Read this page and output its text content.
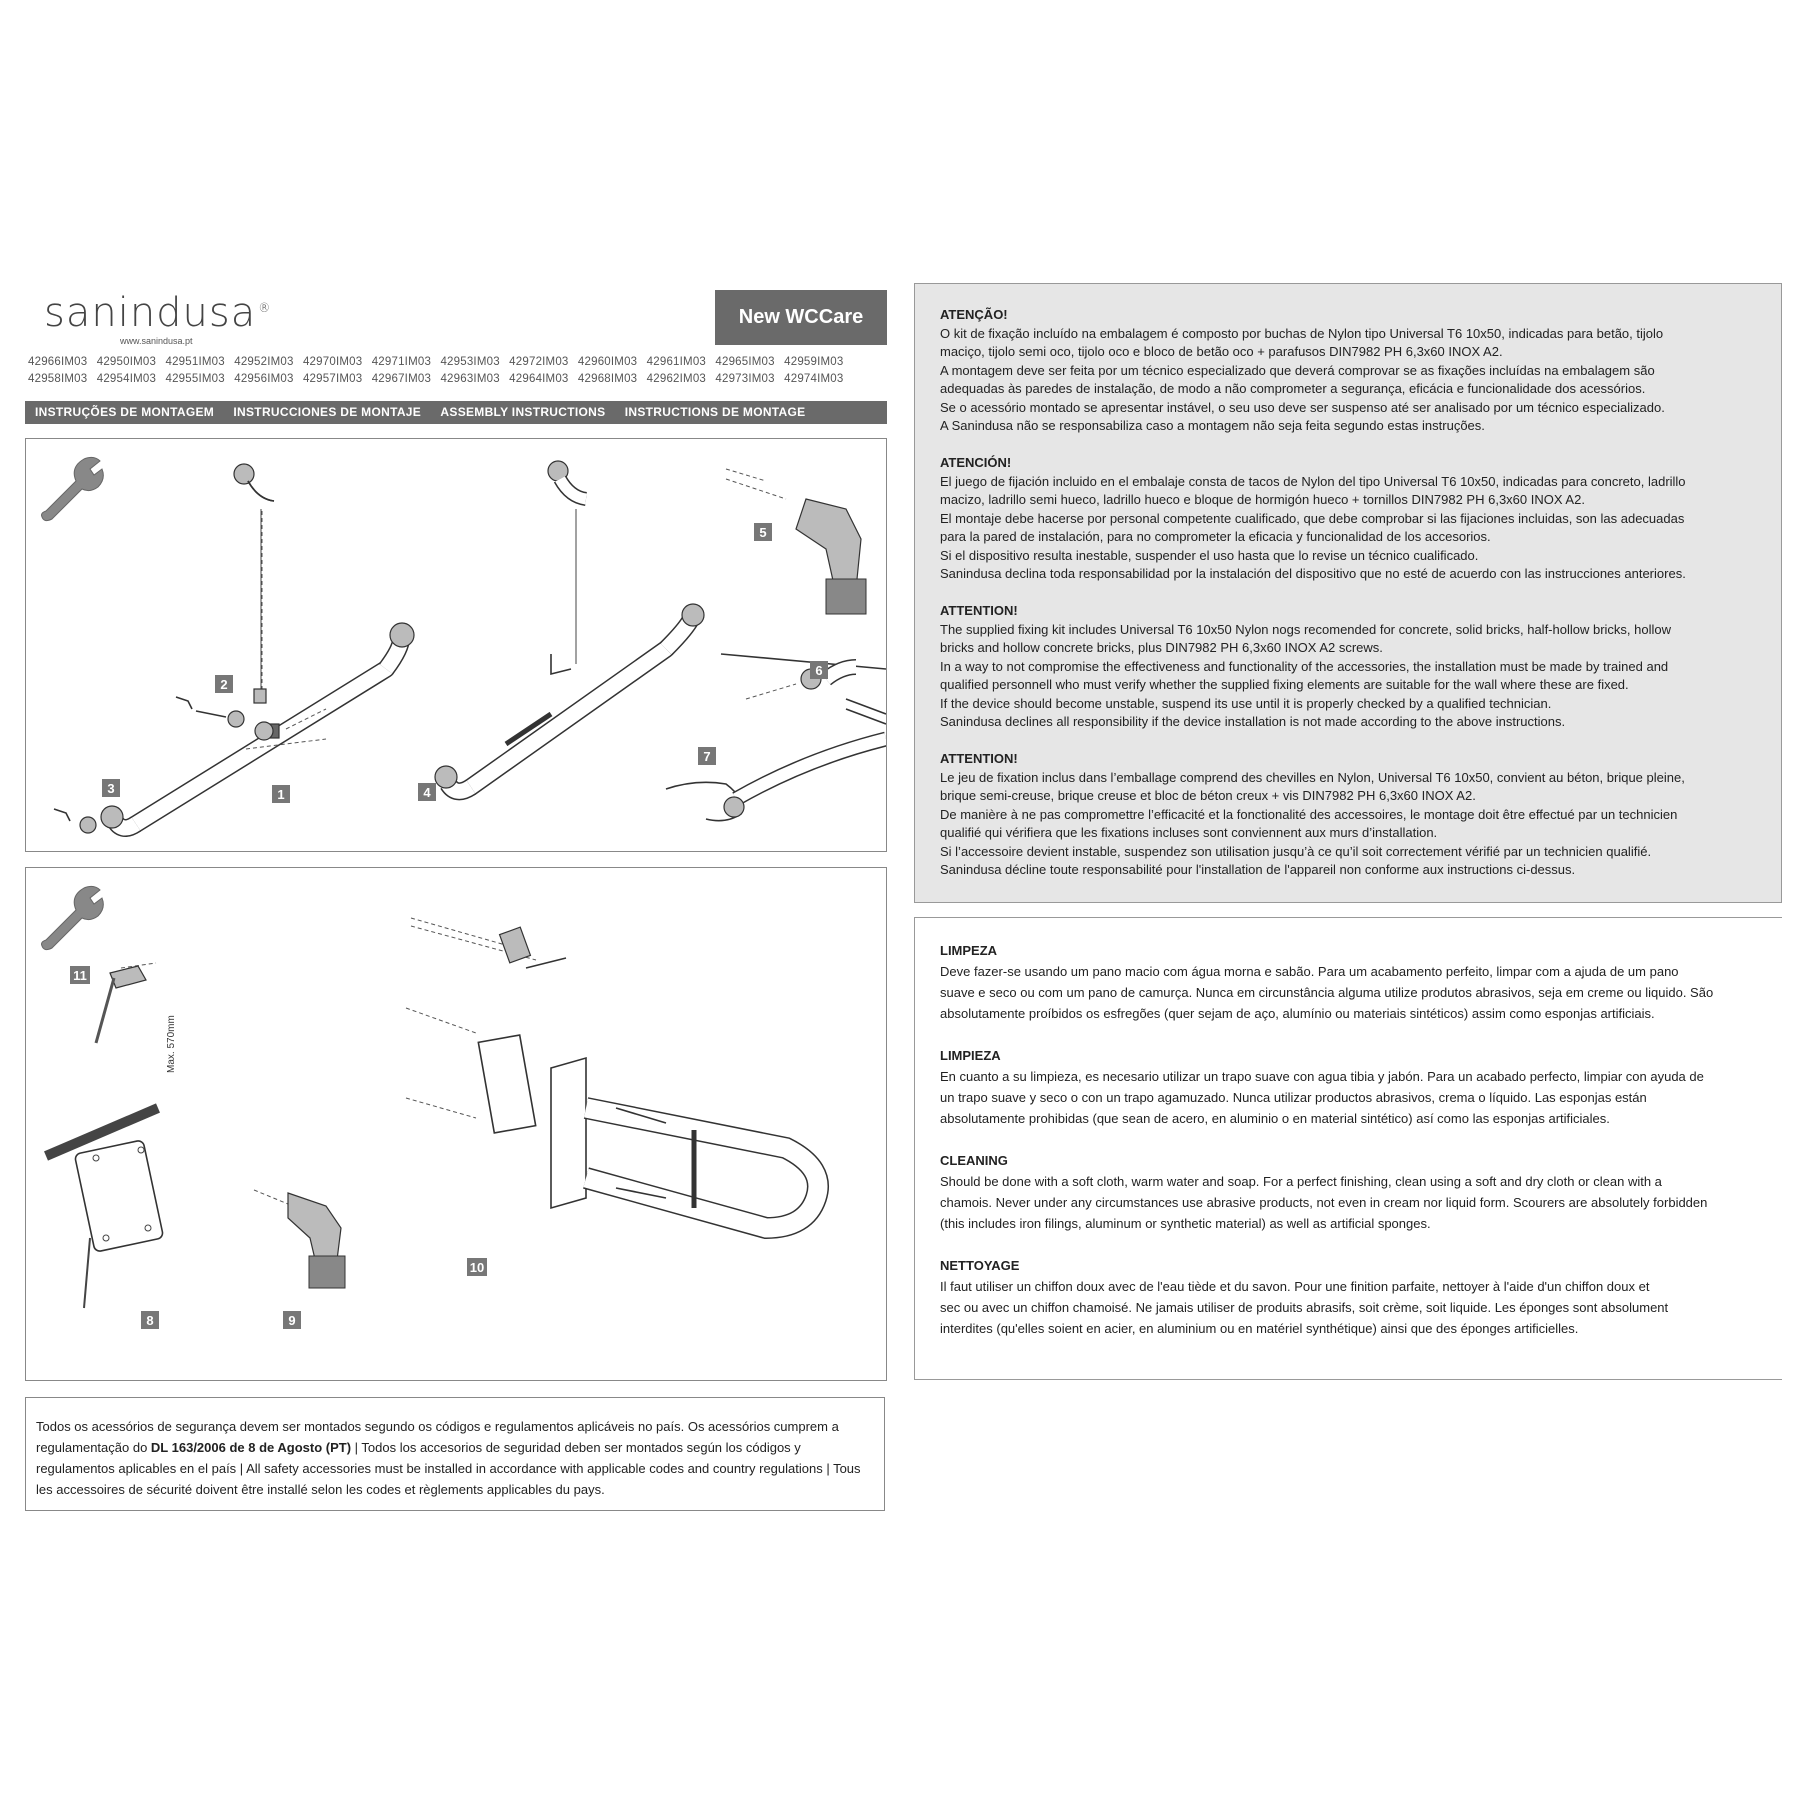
sanindusa ®
www.sanindusa.pt
New WCCare
42966IM03 42950IM03 42951IM03 42952IM03 42970IM03 42971IM03 42953IM03 42972IM03 42960IM03 42961IM03 42965IM03 42959IM03
42958IM03 42954IM03 42955IM03 42956IM03 42957IM03 42967IM03 42963IM03 42964IM03 42968IM03 42962IM03 42973IM03 42974IM03
INSTRUÇÕES DE MONTAGEM INSTRUCCIONES DE MONTAJE ASSEMBLY INSTRUCTIONS INSTRUCTIONS DE MONTAGE
1
2
3	4
5
6
7
Max. 570mm
8	9
10
11
Todos os acessórios de segurança devem ser montados segundo os códigos e regulamentos aplicáveis no país. Os acessórios cumprem a regulamentação do DL 163/2006 de 8 de Agosto (PT) | Todos los accesorios de seguridad deben ser montados según los códigos y regulamentos aplicables en el país | All safety accessories must be installed in accordance with applicable codes and country regulations | Tous les accessoires de sécurité doivent être installé selon les codes et règlements applicables du pays.

ATENÇÃO!

O kit de fixação incluído na embalagem é composto por buchas de Nylon tipo Universal T6 10x50, indicadas para betão, tijolo

maciço, tijolo semi oco, tijolo oco e bloco de betão oco + parafusos DIN7982 PH 6,3x60 INOX A2.

A montagem deve ser feita por um técnico especializado que deverá comprovar se as fixações incluídas na embalagem são

adequadas às paredes de instalação, de modo a não comprometer a segurança, eficácia e funcionalidade dos acessórios.

Se o acessório montado se apresentar instável, o seu uso deve ser suspenso até ser analisado por um técnico especializado.

A Sanindusa não se responsabiliza caso a montagem não seja feita segundo estas instruções.

ATENCIÓN!

El juego de fijación incluido en el embalaje consta de tacos de Nylon del tipo Universal T6 10x50, indicadas para concreto, ladrillo

macizo, ladrillo semi hueco, ladrillo hueco e bloque de hormigón hueco + tornillos DIN7982 PH 6,3x60 INOX A2.

El montaje debe hacerse por personal competente cualificado, que debe comprobar si las fijaciones incluidas, son las adecuadas

para la pared de instalación, para no comprometer la eficacia y funcionalidad de los accesorios.

Si el dispositivo resulta inestable, suspender el uso hasta que lo revise un técnico cualificado.

Sanindusa declina toda responsabilidad por la instalación del dispositivo que no esté de acuerdo con las instrucciones anteriores.

ATTENTION!

The supplied fixing kit includes Universal T6 10x50 Nylon nogs recomended for concrete, solid bricks, half-hollow bricks, hollow

bricks and hollow concrete bricks, plus DIN7982 PH 6,3x60 INOX A2 screws.

In a way to not compromise the effectiveness and functionality of the accessories, the installation must be made by trained and

qualified personnell who must verify whether the supplied fixing elements are suitable for the wall where these are fixed.

If the device should become unstable, suspend its use until it is properly checked by a qualified technician.

Sanindusa declines all responsibility if the device installation is not made according to the above instructions.

ATTENTION!

Le jeu de fixation inclus dans l’emballage comprend des chevilles en Nylon, Universal T6 10x50, convient au béton, brique pleine,

brique semi-creuse, brique creuse et bloc de béton creux + vis DIN7982 PH 6,3x60 INOX A2.

De manière à ne pas compromettre l’efficacité et la fonctionalité des accessoires, le montage doit être effectué par un technicien

qualifié qui vérifiera que les fixations incluses sont conviennent aux murs d’installation.

Si l’accessoire devient instable, suspendez son utilisation jusqu’à ce qu’il soit correctement vérifié par un technicien qualifié.

Sanindusa décline toute responsabilité pour l'installation de l'appareil non conforme aux instructions ci-dessus.

LIMPEZA

Deve fazer-se usando um pano macio com água morna e sabão. Para um acabamento perfeito, limpar com a ajuda de um pano

suave e seco ou com um pano de camurça. Nunca em circunstância alguma utilize produtos abrasivos, seja em creme ou liquido. São

absolutamente proíbidos os esfregões (quer sejam de aço, alumínio ou materiais sintéticos) assim como esponjas artificiais.

LIMPIEZA

En cuanto a su limpieza, es necesario utilizar un trapo suave con agua tibia y jabón. Para un acabado perfecto, limpiar con ayuda de

un trapo suave y seco o con un trapo agamuzado. Nunca utilizar productos abrasivos, crema o líquido. Las esponjas están

absolutamente prohibidas (que sean de acero, en aluminio o en material sintético) así como las esponjas artificiales.

CLEANING

Should be done with a soft cloth, warm water and soap. For a perfect finishing, clean using a soft and dry cloth or clean with a

chamois. Never under any circumstances use abrasive products, not even in cream nor liquid form. Scourers are absolutely forbidden

(this includes iron filings, aluminum or synthetic material) as well as artificial sponges.

NETTOYAGE

Il faut utiliser un chiffon doux avec de l'eau tiède et du savon. Pour une finition parfaite, nettoyer à l'aide d'un chiffon doux et

sec ou avec un chiffon chamoisé. Ne jamais utiliser de produits abrasifs, soit crème, soit liquide. Les éponges sont absolument

interdites (qu'elles soient en acier, en aluminium ou en matériel synthétique) ainsi que des éponges artificielles.
